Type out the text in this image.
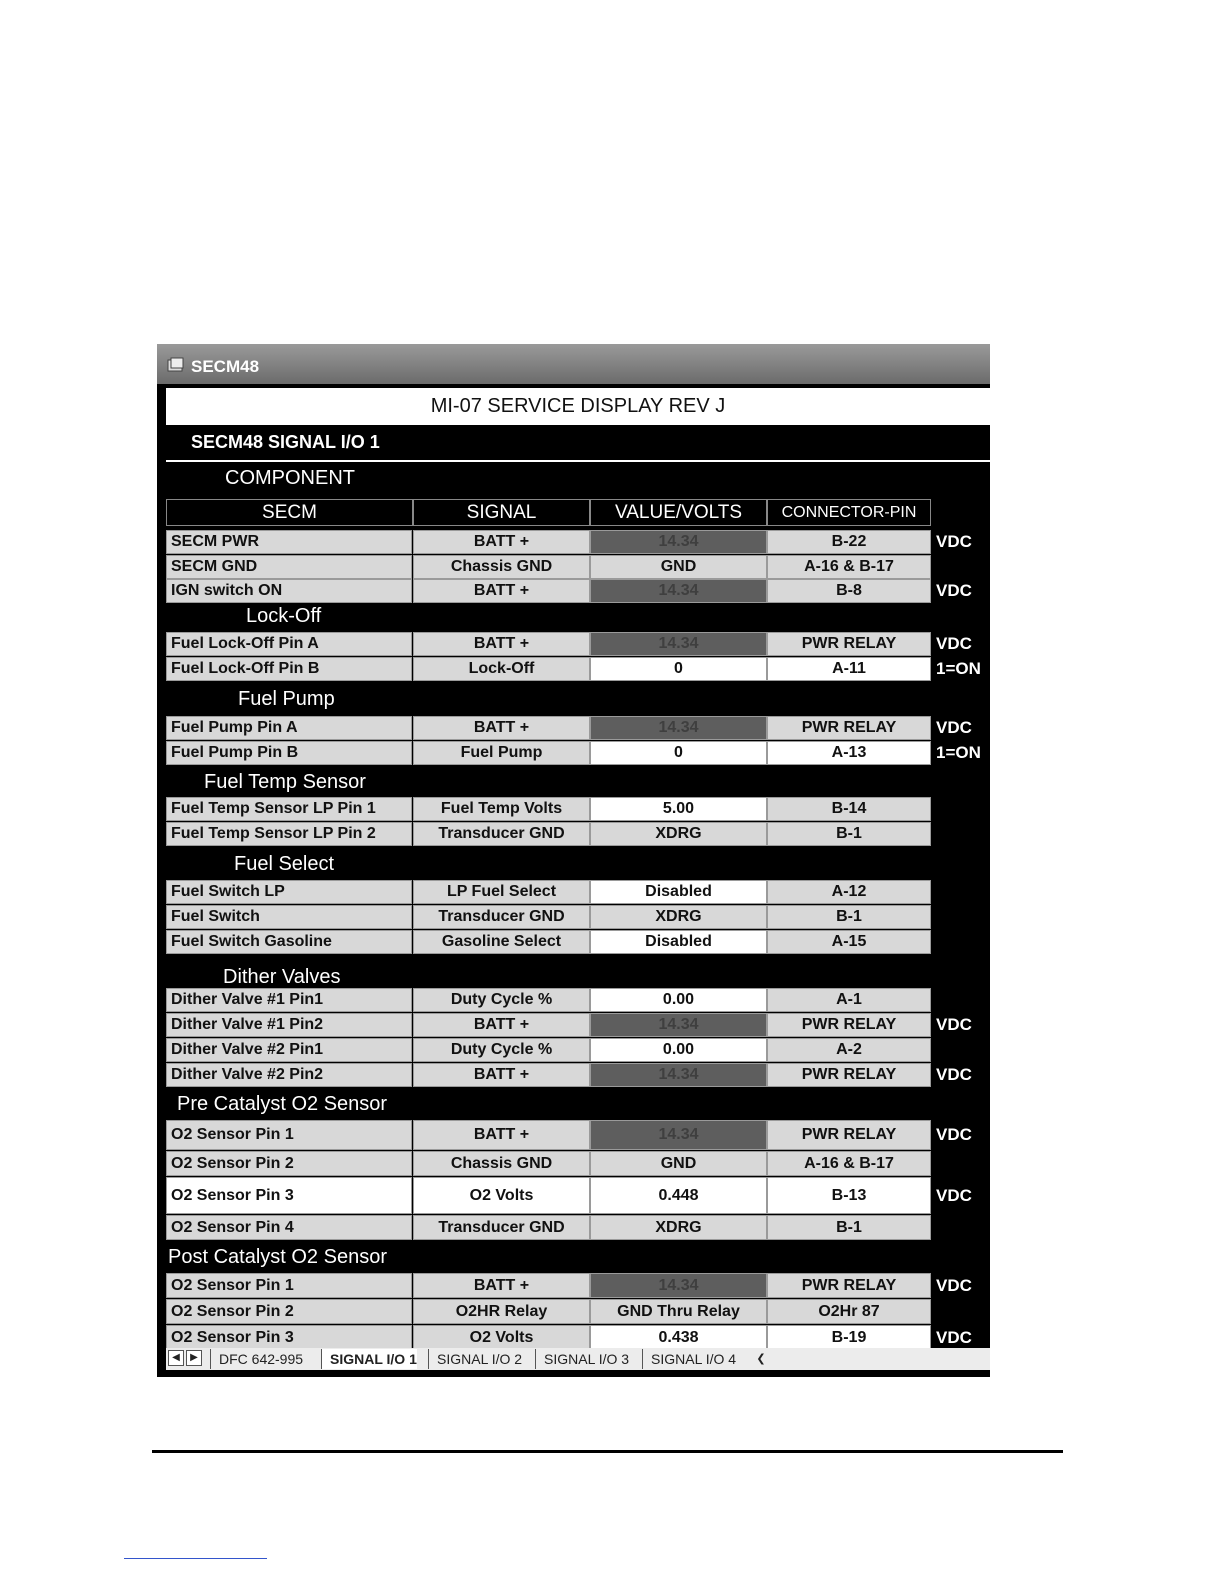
SECM48
MI-07 SERVICE DISPLAY REV J
SECM48 SIGNAL I/O 1
COMPONENT
SECM	SIGNAL	VALUE/VOLTS	CONNECTOR-PIN
Lock-Off
Fuel Pump
Fuel Temp Sensor
Fuel Select
Dither Valves
Pre Catalyst O2 Sensor
Post Catalyst O2 Sensor
SECM PWR	BATT +	14.34	B-22	VDC
SECM GND	Chassis GND	GND	A-16 & B-17
IGN switch ON	BATT +	14.34	B-8	VDC
Fuel Lock-Off Pin A	BATT +	14.34	PWR RELAY	VDC
Fuel Lock-Off Pin B	Lock-Off	0	A-11	1=ON
Fuel Pump Pin A	BATT +	14.34	PWR RELAY	VDC
Fuel Pump Pin B	Fuel Pump	0	A-13	1=ON
Fuel Temp Sensor LP Pin 1	Fuel Temp Volts	5.00	B-14
Fuel Temp Sensor LP Pin 2	Transducer GND	XDRG	B-1
Fuel Switch LP	LP Fuel Select	Disabled	A-12
Fuel Switch	Transducer GND	XDRG	B-1
Fuel Switch Gasoline	Gasoline Select	Disabled	A-15
Dither Valve #1 Pin1	Duty Cycle %	0.00	A-1
Dither Valve #1 Pin2	BATT +	14.34	PWR RELAY	VDC
Dither Valve #2 Pin1	Duty Cycle %	0.00	A-2
Dither Valve #2 Pin2	BATT +	14.34	PWR RELAY	VDC
O2 Sensor Pin 1	BATT +	14.34	PWR RELAY	VDC
O2 Sensor Pin 2	Chassis GND	GND	A-16 & B-17
O2 Sensor Pin 3	O2 Volts	0.448	B-13	VDC
O2 Sensor Pin 4	Transducer GND	XDRG	B-1
O2 Sensor Pin 1	BATT +	14.34	PWR RELAY	VDC
O2 Sensor Pin 2	O2HR Relay	GND Thru Relay	O2Hr 87
O2 Sensor Pin 3	O2 Volts	0.438	B-19	VDC
◀	▶	DFC 642-995	SIGNAL I/O 1	SIGNAL I/O 2	SIGNAL I/O 3	SIGNAL I/O 4	❮
